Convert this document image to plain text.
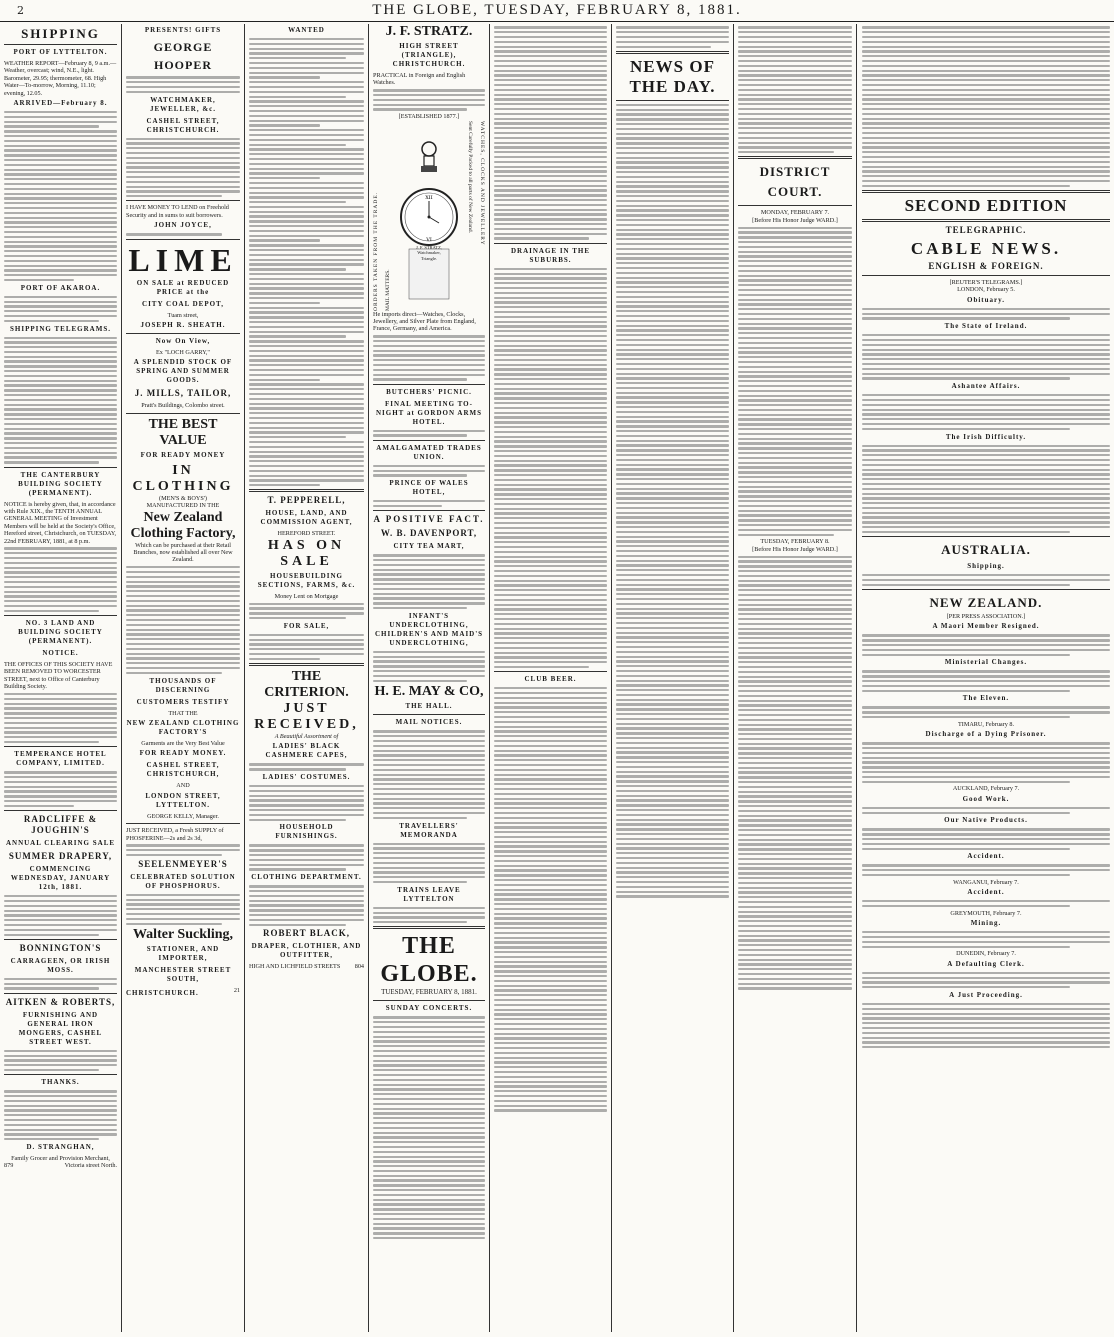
2	THE GLOBE, TUESDAY, FEBRUARY 8, 1881.
SHIPPING
PORT OF LYTTELTON.
WEATHER REPORT—February 8, 9 a.m.—Weather, overcast; wind, N.E., light. Barometer, 29.95; thermometer, 68. High Water—To-morrow, Morning, 11.10; evening, 12.05.
ARRIVED—February 8.
PORT OF AKAROA.
SHIPPING TELEGRAMS.
THE CANTERBURY BUILDING SOCIETY (PERMANENT).
NOTICE is hereby given, that, in accordance with Rule XIX., the TENTH ANNUAL GENERAL MEETING of Investment Members will be held at the Society's Office, Hereford street, Christchurch, on TUESDAY, 22nd FEBRUARY, 1881, at 8 p.m.
NO. 3 LAND AND BUILDING SOCIETY (PERMANENT).
NOTICE.
THE OFFICES OF THIS SOCIETY HAVE BEEN REMOVED TO WORCESTER STREET, next to Office of Canterbury Building Society.
TEMPERANCE HOTEL COMPANY, LIMITED.
RADCLIFFE & JOUGHIN'S
ANNUAL CLEARING SALE
SUMMER DRAPERY,
COMMENCING WEDNESDAY, JANUARY 12th, 1881.
BONNINGTON'S
CARRAGEEN, OR IRISH MOSS.
AITKEN & ROBERTS,
FURNISHING AND GENERAL IRON MONGERS, CASHEL STREET WEST.
THANKS.
D. STRANGHAN,
Family Grocer and Provision Merchant,
879	Victoria street North.
PRESENTS! GIFTS
GEORGE HOOPER
WATCHMAKER, JEWELLER, &c.
CASHEL STREET, CHRISTCHURCH.
I HAVE MONEY TO LEND on Freehold Security and in sums to suit borrowers.
JOHN JOYCE,
LIME
ON SALE at REDUCED PRICE at the
CITY COAL DEPOT,
Tuam street,
JOSEPH R. SHEATH.
Now On View,
Ex "LOCH GARRY,"
A SPLENDID STOCK OF SPRING AND SUMMER GOODS.
J. MILLS, TAILOR,
Pratt's Buildings, Colombo street.
THE BEST VALUE
FOR READY MONEY
IN CLOTHING
(MEN'S & BOYS')
MANUFACTURED IN THE
New Zealand
Clothing Factory,
Which can be purchased at their Retail Branches, now established all over New Zealand.
THOUSANDS OF DISCERNING
CUSTOMERS TESTIFY
THAT THE
NEW ZEALAND CLOTHING FACTORY'S
Garments are the Very Best Value
FOR READY MONEY.
CASHEL STREET, CHRISTCHURCH,
AND
LONDON STREET, LYTTELTON.
GEORGE KELLY, Manager.
JUST RECEIVED, a Fresh SUPPLY of PHOSFERINE—2s and 2s 3d,
SEELENMEYER'S
CELEBRATED SOLUTION OF PHOSPHORUS.
Walter Suckling,
STATIONER, AND IMPORTER,
MANCHESTER STREET SOUTH,
CHRISTCHURCH.	21
WANTED
T. PEPPERELL,
HOUSE, LAND, AND COMMISSION AGENT,
HEREFORD STREET.
HAS ON SALE
HOUSEBUILDING SECTIONS, FARMS, &c.
Money Lent on Mortgage
FOR SALE,
THE CRITERION.
JUST RECEIVED,
A Beautiful Assortment of
LADIES' BLACK CASHMERE CAPES,
LADIES' COSTUMES.
HOUSEHOLD FURNISHINGS.
CLOTHING DEPARTMENT.
ROBERT BLACK,
DRAPER, CLOTHIER, AND OUTFITTER,
HIGH AND LICHFIELD STREETS 804
J. F. STRATZ.
HIGH STREET (TRIANGLE), CHRISTCHURCH.
PRACTICAL in Foreign and English Watches.
[ESTABLISHED 1877.]
ORDERS TAKEN FROM THE TRADE.	MAIL MATTERS.
Sent Carefully Packed to all parts of New Zealand.	WATCHES, CLOCKS AND JEWELLERY
XII
VI
J. F. STRATZ, Watchmaker, Triangle.
He imports direct—Watches, Clocks, Jewellery, and Silver Plate from England, France, Germany, and America.
BUTCHERS' PICNIC.
FINAL MEETING TO-NIGHT at GORDON ARMS HOTEL.
AMALGAMATED TRADES UNION.
PRINCE OF WALES HOTEL,
A POSITIVE FACT.
W. B. DAVENPORT,
CITY TEA MART,
INFANT'S UNDERCLOTHING, CHILDREN'S AND MAID'S UNDERCLOTHING,
H. E. MAY & CO,
THE HALL.
MAIL NOTICES.
TRAVELLERS' MEMORANDA
TRAINS LEAVE LYTTELTON
THE GLOBE.
TUESDAY, FEBRUARY 8, 1881.
SUNDAY CONCERTS.
DRAINAGE IN THE SUBURBS.
CLUB BEER.
NEWS OF THE DAY.
DISTRICT COURT.
MONDAY, FEBRUARY 7.
[Before His Honor Judge WARD.]
TUESDAY, FEBRUARY 8.
[Before His Honor Judge WARD.]
SECOND EDITION
TELEGRAPHIC.
CABLE NEWS.
ENGLISH & FOREIGN.
[REUTER'S TELEGRAMS.]
LONDON, February 5.
Obituary.
The State of Ireland.
Ashantee Affairs.
The Irish Difficulty.
AUSTRALIA.
Shipping.
NEW ZEALAND.
[PER PRESS ASSOCIATION.]
A Maori Member Resigned.
Ministerial Changes.
The Eleven.
TIMARU, February 8.
Discharge of a Dying Prisoner.
AUCKLAND, February 7.
Good Work.
Our Native Products.
Accident.
WANGANUI, February 7.
Accident.
GREYMOUTH, February 7.
Mining.
DUNEDIN, February 7.
A Defaulting Clerk.
A Just Proceeding.
